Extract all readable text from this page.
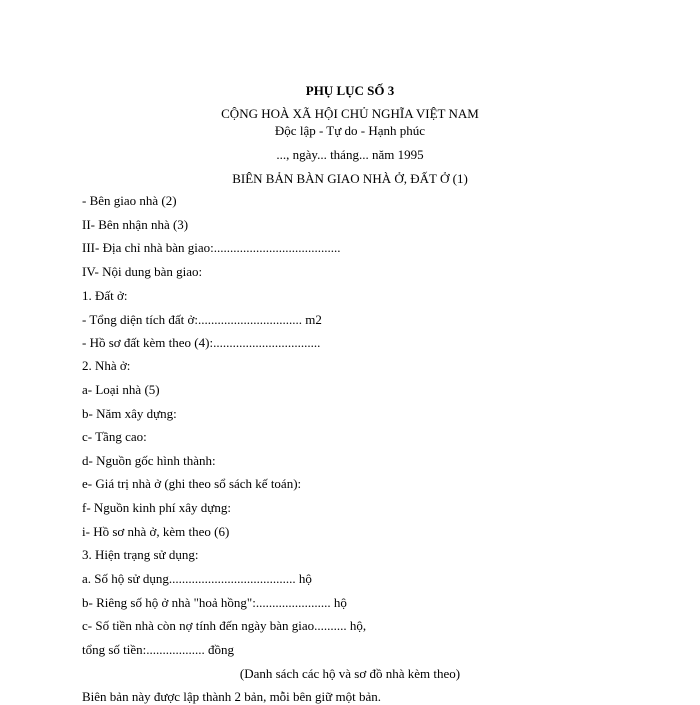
PHỤ LỤC SỐ 3
CỘNG HOÀ XÃ HỘI CHỦ NGHĨA VIỆT NAM
Độc lập - Tự do - Hạnh phúc
..., ngày... tháng... năm 1995
BIÊN BẢN BÀN GIAO NHÀ Ở, ĐẤT Ở (1)
- Bên giao nhà (2)
II- Bên nhận nhà (3)
III- Địa chỉ nhà bàn giao:.......................................
IV- Nội dung bàn giao:
1. Đất ở:
- Tổng diện tích đất ở:................................ m2
- Hồ sơ đất kèm theo (4):.................................
2. Nhà ở:
a- Loại nhà (5)
b- Năm xây dựng:
c- Tầng cao:
d- Nguồn gốc hình thành:
e- Giá trị nhà ở (ghi theo sổ sách kế toán):
f- Nguồn kinh phí xây dựng:
i- Hồ sơ nhà ở, kèm theo (6)
3. Hiện trạng sử dụng:
a. Số hộ sử dụng....................................... hộ
b- Riêng số hộ ở nhà "hoả hồng":....................... hộ
c- Số tiền nhà còn nợ tính đến ngày bàn giao.......... hộ,
tổng số tiền:.................. đồng
(Danh sách các hộ và sơ đồ nhà kèm theo)
Biên bản này được lập thành 2 bản, mỗi bên giữ một bản.
